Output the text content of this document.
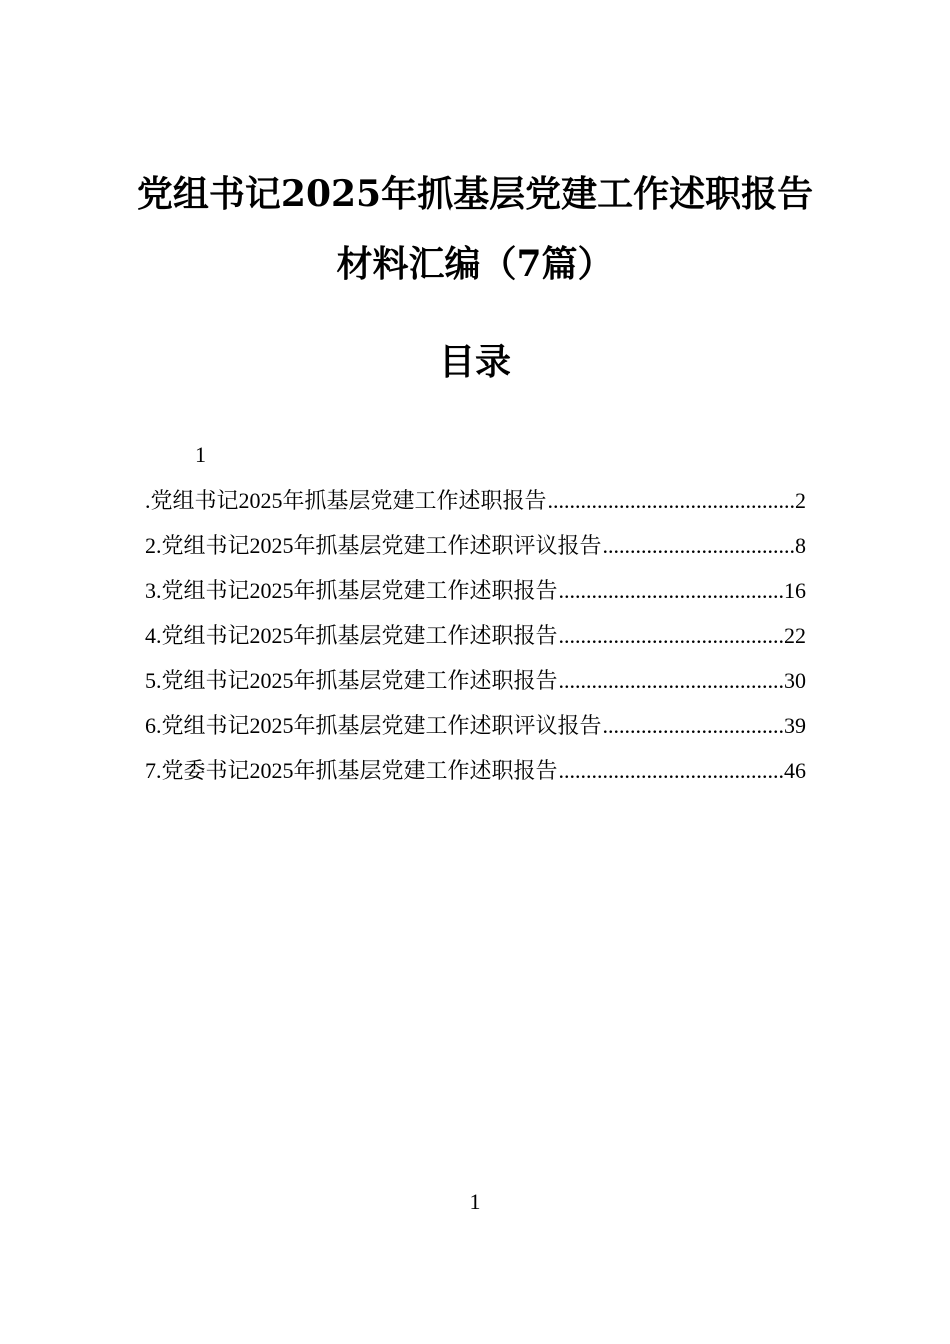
党组书记2025年抓基层党建工作述职报告
材料汇编（7篇）
目录
1
.党组书记2025年抓基层党建工作述职报告 .....	2
2.党组书记2025年抓基层党建工作述职评议报告 .....	8
3.党组书记2025年抓基层党建工作述职报告 .....	16
4.党组书记2025年抓基层党建工作述职报告 .....	22
5.党组书记2025年抓基层党建工作述职报告 .....	30
6.党组书记2025年抓基层党建工作述职评议报告 .....	39
7.党委书记2025年抓基层党建工作述职报告 .....	46
1
